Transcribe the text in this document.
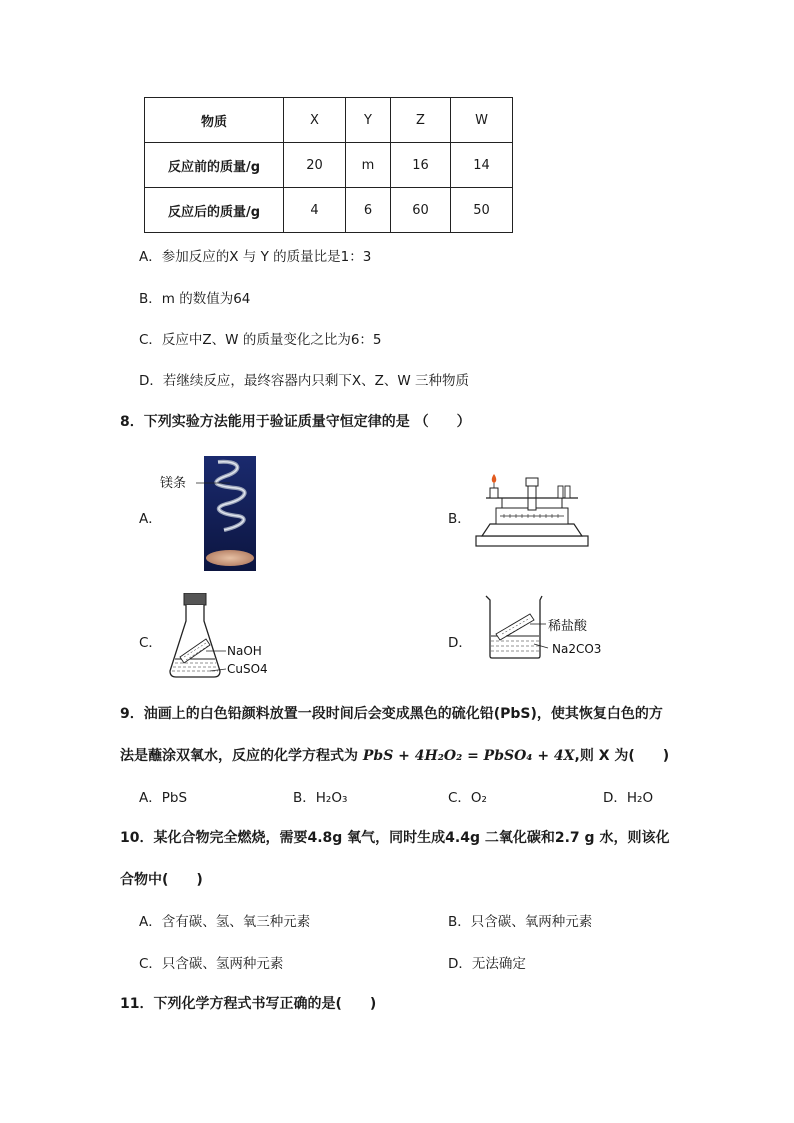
物质	X	Y	Z	W
反应前的质量/g	20	m	16	14
反应后的质量/g	4	6	60	50
A．参加反应的X 与 Y 的质量比是1：3
B．m 的数值为64
C．反应中Z、W 的质量变化之比为6：5
D．若继续反应，最终容器内只剩下X、Z、W 三种物质
8．下列实验方法能用于验证质量守恒定律的是 （　　）
A．
镁条
B．
C．	NaOH
CuSO4
D．
稀盐酸
Na2CO3
9．油画上的白色铅颜料放置一段时间后会变成黑色的硫化铅(PbS)，使其恢复白色的方
法是蘸涂双氧水，反应的化学方程式为 PbS + 4H₂O₂ = PbSO₄ + 4X,则 X 为(　　)
A．PbS	B．H₂O₃	C．O₂	D．H₂O
10．某化合物完全燃烧，需要4.8g 氧气，同时生成4.4g 二氧化碳和2.7 g 水，则该化
合物中(　　)
A．含有碳、氢、氧三种元素	B．只含碳、氧两种元素
C．只含碳、氢两种元素	D．无法确定
11．下列化学方程式书写正确的是(　　)
